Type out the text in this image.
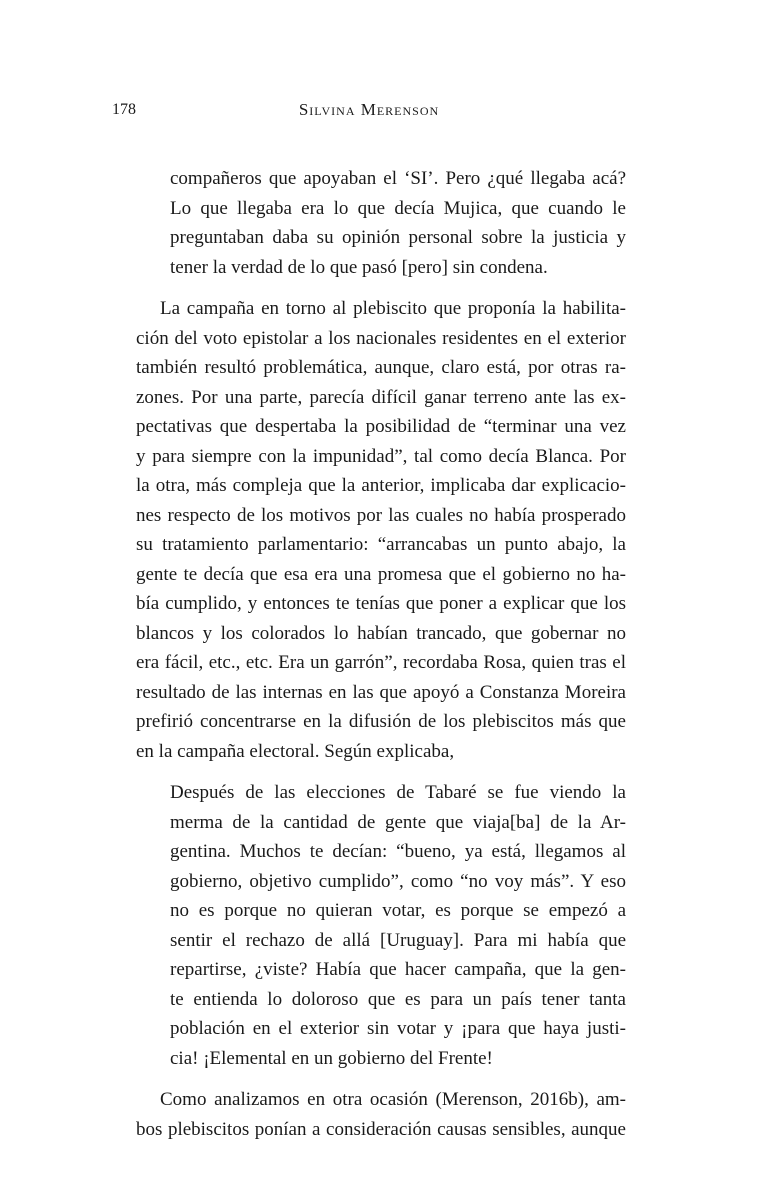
178	Silvina Merenson
compañeros que apoyaban el ‘SI’. Pero ¿qué llegaba acá?
Lo que llegaba era lo que decía Mujica, que cuando le
preguntaban daba su opinión personal sobre la justicia y
tener la verdad de lo que pasó [pero] sin condena.
La campaña en torno al plebiscito que proponía la habilita-
ción del voto epistolar a los nacionales residentes en el exterior
también resultó problemática, aunque, claro está, por otras ra-
zones. Por una parte, parecía difícil ganar terreno ante las ex-
pectativas que despertaba la posibilidad de “terminar una vez
y para siempre con la impunidad”, tal como decía Blanca. Por
la otra, más compleja que la anterior, implicaba dar explicacio-
nes respecto de los motivos por las cuales no había prosperado
su tratamiento parlamentario: “arrancabas un punto abajo, la
gente te decía que esa era una promesa que el gobierno no ha-
bía cumplido, y entonces te tenías que poner a explicar que los
blancos y los colorados lo habían trancado, que gobernar no
era fácil, etc., etc. Era un garrón”, recordaba Rosa, quien tras el
resultado de las internas en las que apoyó a Constanza Moreira
prefirió concentrarse en la difusión de los plebiscitos más que
en la campaña electoral. Según explicaba,
Después de las elecciones de Tabaré se fue viendo la
merma de la cantidad de gente que viaja[ba] de la Ar-
gentina. Muchos te decían: “bueno, ya está, llegamos al
gobierno, objetivo cumplido”, como “no voy más”. Y eso
no es porque no quieran votar, es porque se empezó a
sentir el rechazo de allá [Uruguay]. Para mi había que
repartirse, ¿viste? Había que hacer campaña, que la gen-
te entienda lo doloroso que es para un país tener tanta
población en el exterior sin votar y ¡para que haya justi-
cia! ¡Elemental en un gobierno del Frente!
Como analizamos en otra ocasión (Merenson, 2016b), am-
bos plebiscitos ponían a consideración causas sensibles, aunque
